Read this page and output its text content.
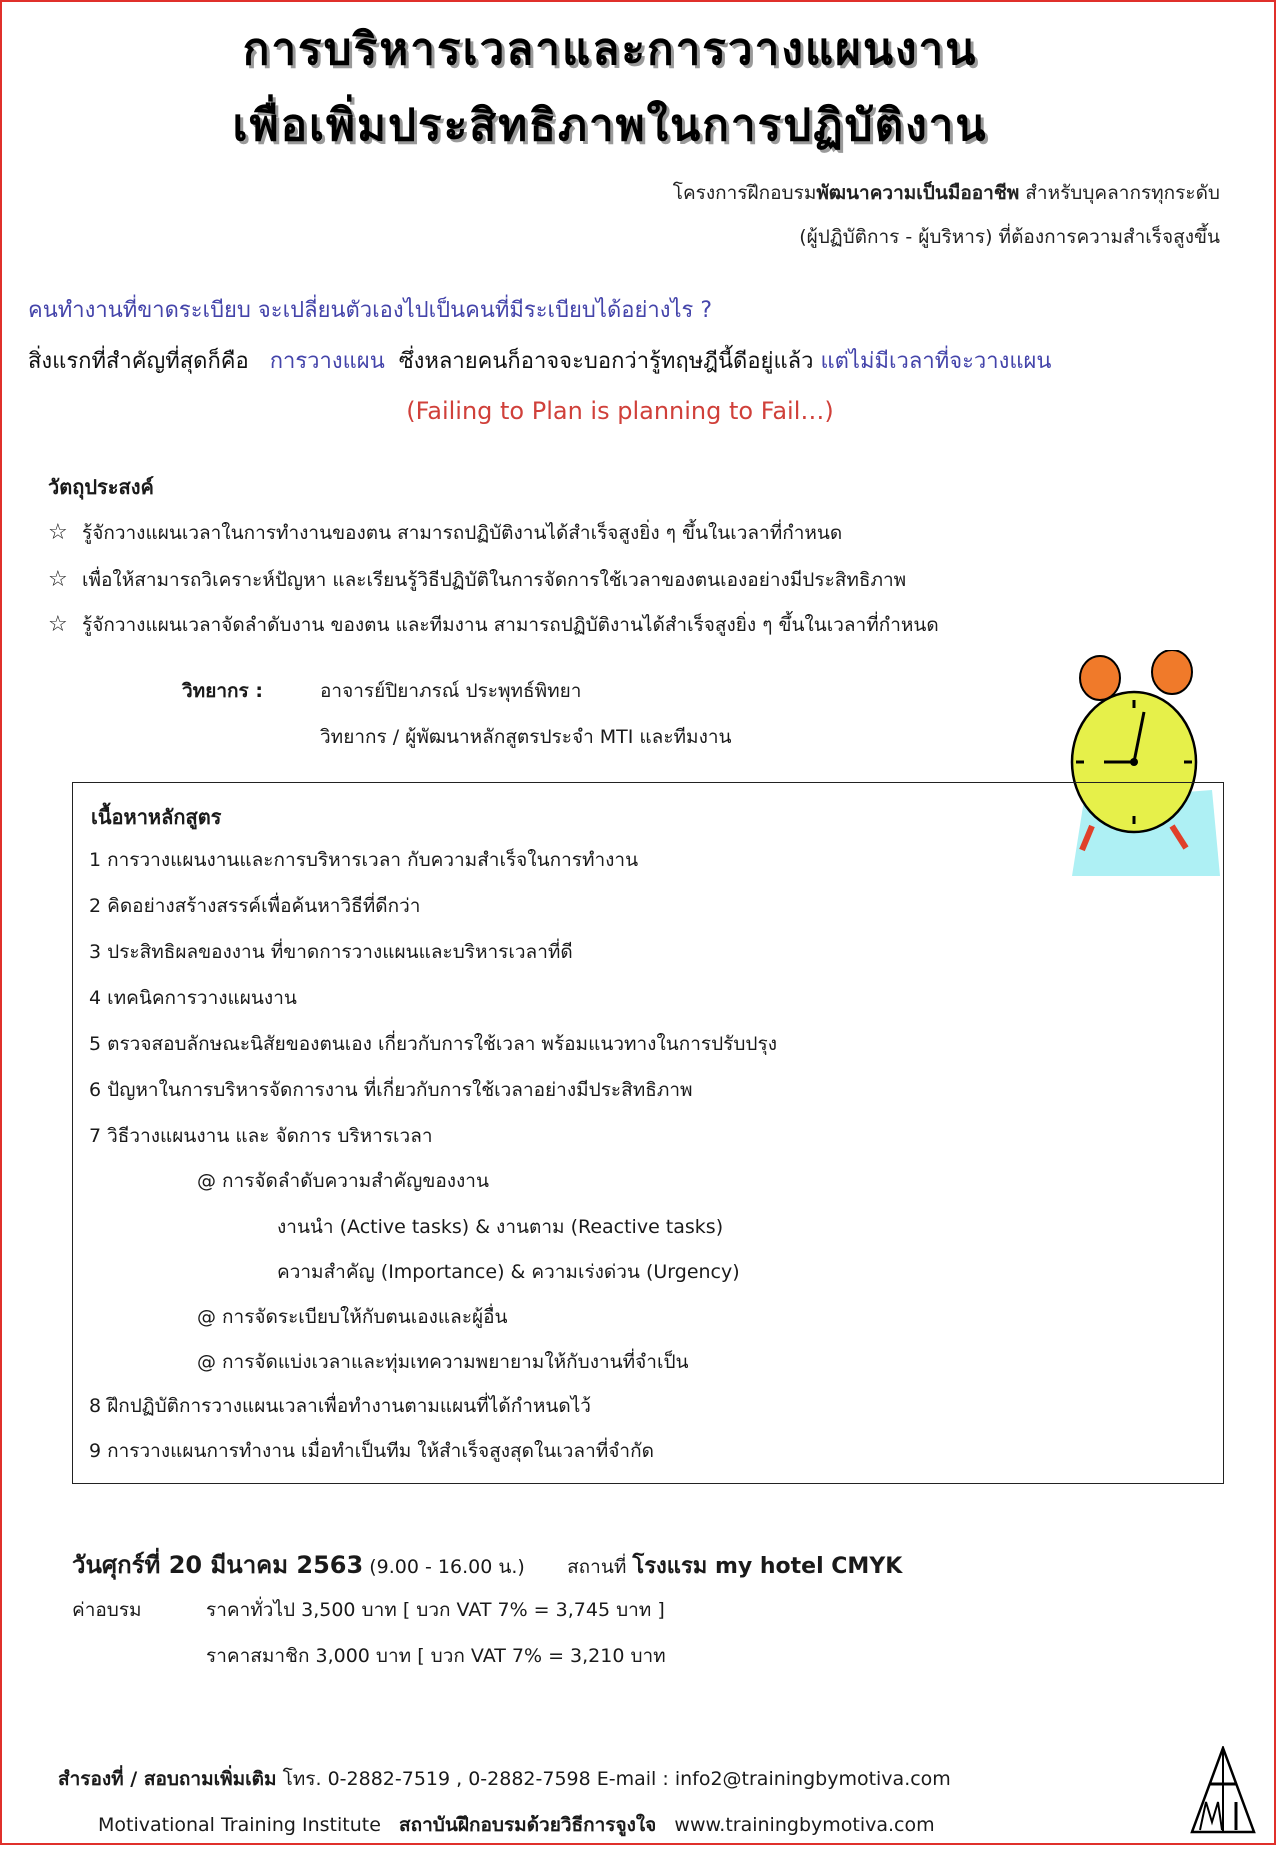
การบริหารเวลาและการวางแผนงาน
เพื่อเพิ่มประสิทธิภาพในการปฏิบัติงาน
โครงการฝึกอบรมพัฒนาความเป็นมืออาชีพ สำหรับบุคลากรทุกระดับ
(ผู้ปฏิบัติการ - ผู้บริหาร) ที่ต้องการความสำเร็จสูงขึ้น
คนทำงานที่ขาดระเบียบ จะเปลี่ยนตัวเองไปเป็นคนที่มีระเบียบได้อย่างไร ?
สิ่งแรกที่สำคัญที่สุดก็คือ การวางแผน ซึ่งหลายคนก็อาจจะบอกว่ารู้ทฤษฎีนี้ดีอยู่แล้ว แต่ไม่มีเวลาที่จะวางแผน
(Failing to Plan is planning to Fail…)
วัตถุประสงค์
☆ รู้จักวางแผนเวลาในการทำงานของตน สามารถปฏิบัติงานได้สำเร็จสูงยิ่ง ๆ ขึ้นในเวลาที่กำหนด
☆ เพื่อให้สามารถวิเคราะห์ปัญหา และเรียนรู้วิธีปฏิบัติในการจัดการใช้เวลาของตนเองอย่างมีประสิทธิภาพ
☆ รู้จักวางแผนเวลาจัดลำดับงาน ของตน และทีมงาน สามารถปฏิบัติงานได้สำเร็จสูงยิ่ง ๆ ขึ้นในเวลาที่กำหนด
วิทยากร :	อาจารย์ปิยาภรณ์ ประพุทธ์พิทยา
วิทยากร / ผู้พัฒนาหลักสูตรประจำ MTI และทีมงาน
เนื้อหาหลักสูตร
1 การวางแผนงานและการบริหารเวลา กับความสำเร็จในการทำงาน
2 คิดอย่างสร้างสรรค์เพื่อค้นหาวิธีที่ดีกว่า
3 ประสิทธิผลของงาน ที่ขาดการวางแผนและบริหารเวลาที่ดี
4 เทคนิคการวางแผนงาน
5 ตรวจสอบลักษณะนิสัยของตนเอง เกี่ยวกับการใช้เวลา พร้อมแนวทางในการปรับปรุง
6 ปัญหาในการบริหารจัดการงาน ที่เกี่ยวกับการใช้เวลาอย่างมีประสิทธิภาพ
7 วิธีวางแผนงาน และ จัดการ บริหารเวลา
@ การจัดลำดับความสำคัญของงาน
งานนำ (Active tasks) & งานตาม (Reactive tasks)
ความสำคัญ (Importance) & ความเร่งด่วน (Urgency)
@ การจัดระเบียบให้กับตนเองและผู้อื่น
@ การจัดแบ่งเวลาและทุ่มเทความพยายามให้กับงานที่จำเป็น
8 ฝึกปฏิบัติการวางแผนเวลาเพื่อทำงานตามแผนที่ได้กำหนดไว้
9 การวางแผนการทำงาน เมื่อทำเป็นทีม ให้สำเร็จสูงสุดในเวลาที่จำกัด
วันศุกร์ที่ 20 มีนาคม 2563 (9.00 - 16.00 น.) สถานที่ โรงแรม my hotel CMYK
ค่าอบรม	ราคาทั่วไป 3,500 บาท [ บวก VAT 7% = 3,745 บาท ]
ราคาสมาชิก 3,000 บาท [ บวก VAT 7% = 3,210 บาท
สำรองที่ / สอบถามเพิ่มเติม โทร. 0-2882-7519 , 0-2882-7598 E-mail : info2@trainingbymotiva.com
Motivational Training Institute สถาบันฝึกอบรมด้วยวิธีการจูงใจ www.trainingbymotiva.com
